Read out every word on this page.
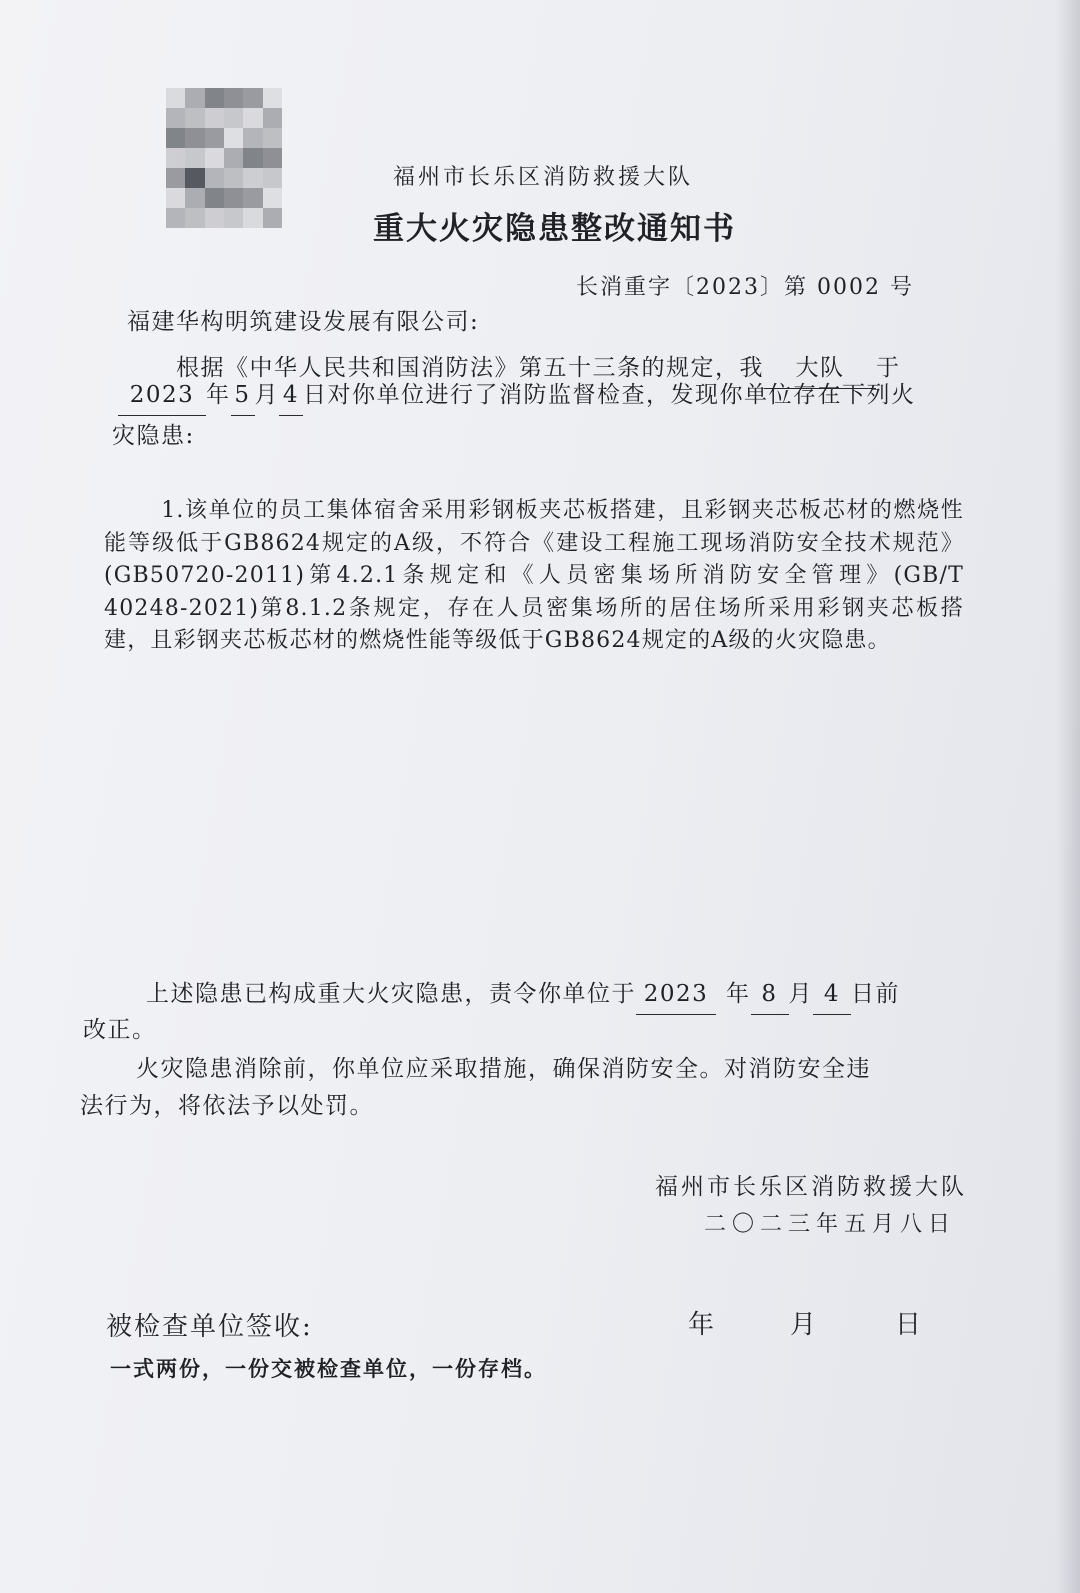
福州市长乐区消防救援大队
重大火灾隐患整改通知书
长消重字〔2023〕第 0002 号
福建华构明筑建设发展有限公司:
根据《中华人民共和国消防法》第五十三条的规定，我 大队 于
2023 年 5 月 4 日对你单位进行了消防监督检查，发现你单位存在下列火
灾隐患:
1.该单位的员工集体宿舍采用彩钢板夹芯板搭建，且彩钢夹芯板芯材的燃烧性能等级低于GB8624规定的A级，不符合《建设工程施工现场消防安全技术规范》(GB50720-2011)第4.2.1条规定和《人员密集场所消防安全管理》(GB/T 40248-2021)第8.1.2条规定，存在人员密集场所的居住场所采用彩钢夹芯板搭建，且彩钢夹芯板芯材的燃烧性能等级低于GB8624规定的A级的火灾隐患。
上述隐患已构成重大火灾隐患，责令你单位于 2023 年 8 月 4 日前
改正。
火灾隐患消除前，你单位应采取措施，确保消防安全。对消防安全违
法行为，将依法予以处罚。
福州市长乐区消防救援大队
二〇二三年五月八日
被检查单位签收:	年	月	日
一式两份，一份交被检查单位，一份存档。
